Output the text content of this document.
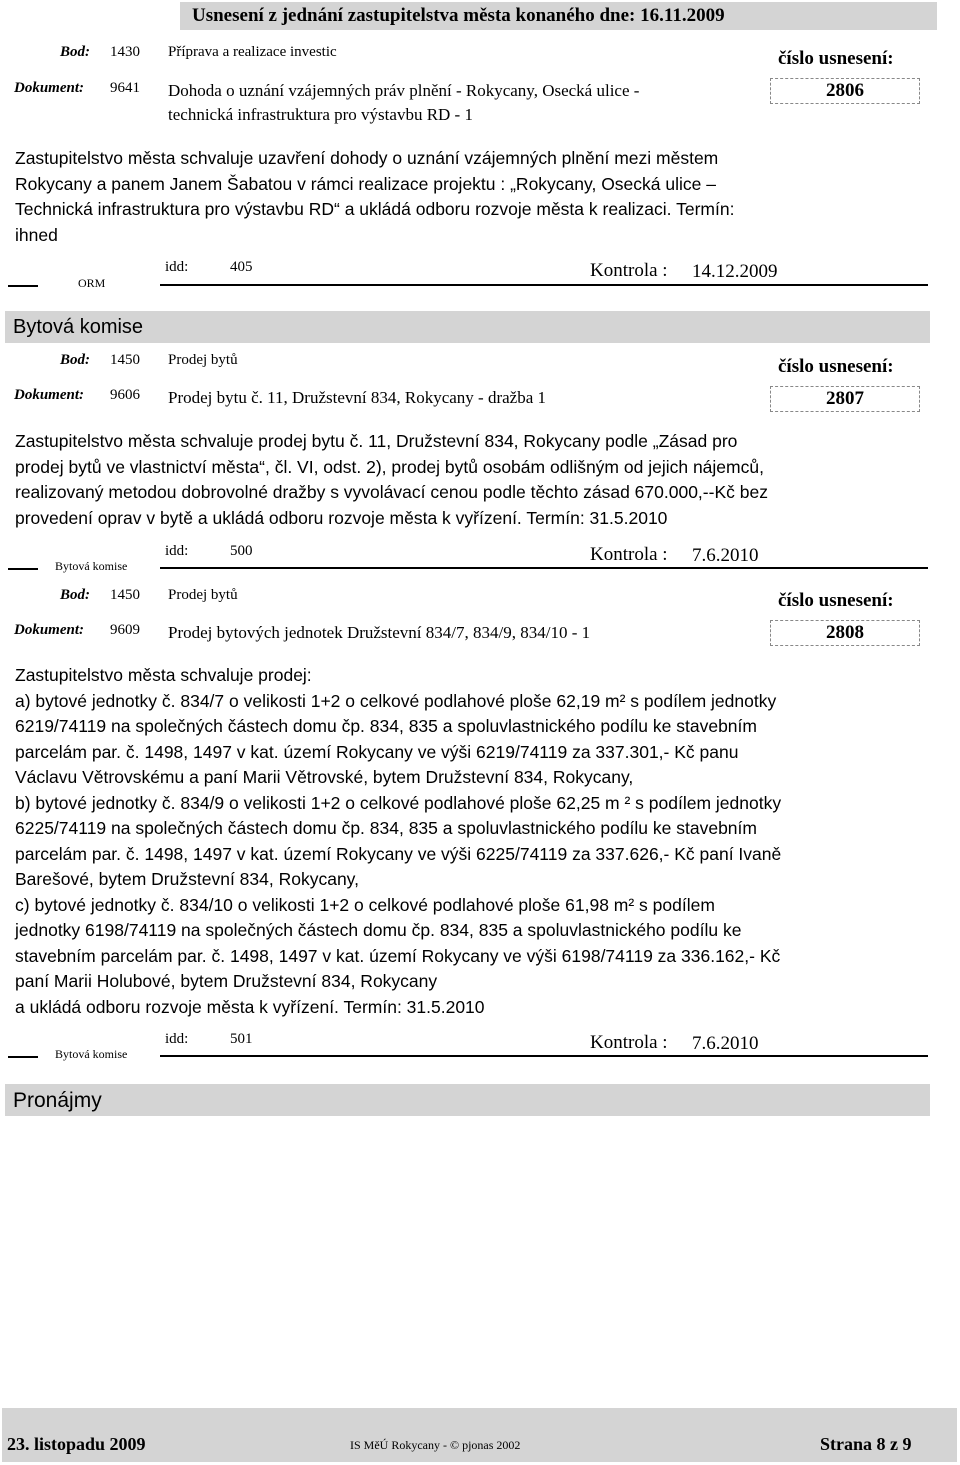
Usnesení z jednání zastupitelstva města konaného dne: 16.11.2009
Bod: 1430 Příprava a realizace investic	číslo usnesení:
Dokument: 9641 Dohoda o uznání vzájemných práv plnění - Rokycany, Osecká ulice -
technická infrastruktura pro výstavbu RD - 1
2806
Zastupitelstvo města schvaluje uzavření dohody o uznání vzájemných plnění mezi městem
Rokycany a panem Janem Šabatou v rámci realizace projektu : „Rokycany, Osecká ulice –
Technická infrastruktura pro výstavbu RD“ a ukládá odboru rozvoje města k realizaci. Termín:
ihned
ORM
idd:	405	Kontrola : 14.12.2009
Bytová komise
Bod: 1450 Prodej bytů	číslo usnesení:
Dokument: 9606 Prodej bytu č. 11, Družstevní 834, Rokycany - dražba 1	2807
Zastupitelstvo města schvaluje prodej bytu č. 11, Družstevní 834, Rokycany podle „Zásad pro
prodej bytů ve vlastnictví města“, čl. VI, odst. 2), prodej bytů osobám odlišným od jejich nájemců,
realizovaný metodou dobrovolné dražby s vyvolávací cenou podle těchto zásad 670.000,--Kč bez
provedení oprav v bytě a ukládá odboru rozvoje města k vyřízení. Termín: 31.5.2010
Bytová komise
idd:	500	Kontrola : 7.6.2010
Bod: 1450 Prodej bytů	číslo usnesení:
Dokument: 9609 Prodej bytových jednotek Družstevní 834/7, 834/9, 834/10 - 1	2808
Zastupitelstvo města schvaluje prodej:
a) bytové jednotky č. 834/7 o velikosti 1+2 o celkové podlahové ploše 62,19 m² s podílem jednotky
6219/74119 na společných částech domu čp. 834, 835 a spoluvlastnického podílu ke stavebním
parcelám par. č. 1498, 1497 v kat. území Rokycany ve výši 6219/74119 za 337.301,- Kč panu
Václavu Větrovskému a paní Marii Větrovské, bytem Družstevní 834, Rokycany,
b) bytové jednotky č. 834/9 o velikosti 1+2 o celkové podlahové ploše 62,25 m ² s podílem jednotky
6225/74119 na společných částech domu čp. 834, 835 a spoluvlastnického podílu ke stavebním
parcelám par. č. 1498, 1497 v kat. území Rokycany ve výši 6225/74119 za 337.626,- Kč paní Ivaně
Barešové, bytem Družstevní 834, Rokycany,
c) bytové jednotky č. 834/10 o velikosti 1+2 o celkové podlahové ploše 61,98 m² s podílem
jednotky 6198/74119 na společných částech domu čp. 834, 835 a spoluvlastnického podílu ke
stavebním parcelám par. č. 1498, 1497 v kat. území Rokycany ve výši 6198/74119 za 336.162,- Kč
paní Marii Holubové, bytem Družstevní 834, Rokycany
a ukládá odboru rozvoje města k vyřízení. Termín: 31.5.2010
Bytová komise
idd:	501	Kontrola : 7.6.2010
Pronájmy
23. listopadu 2009	IS MěÚ Rokycany - © pjonas 2002	Strana 8 z 9
